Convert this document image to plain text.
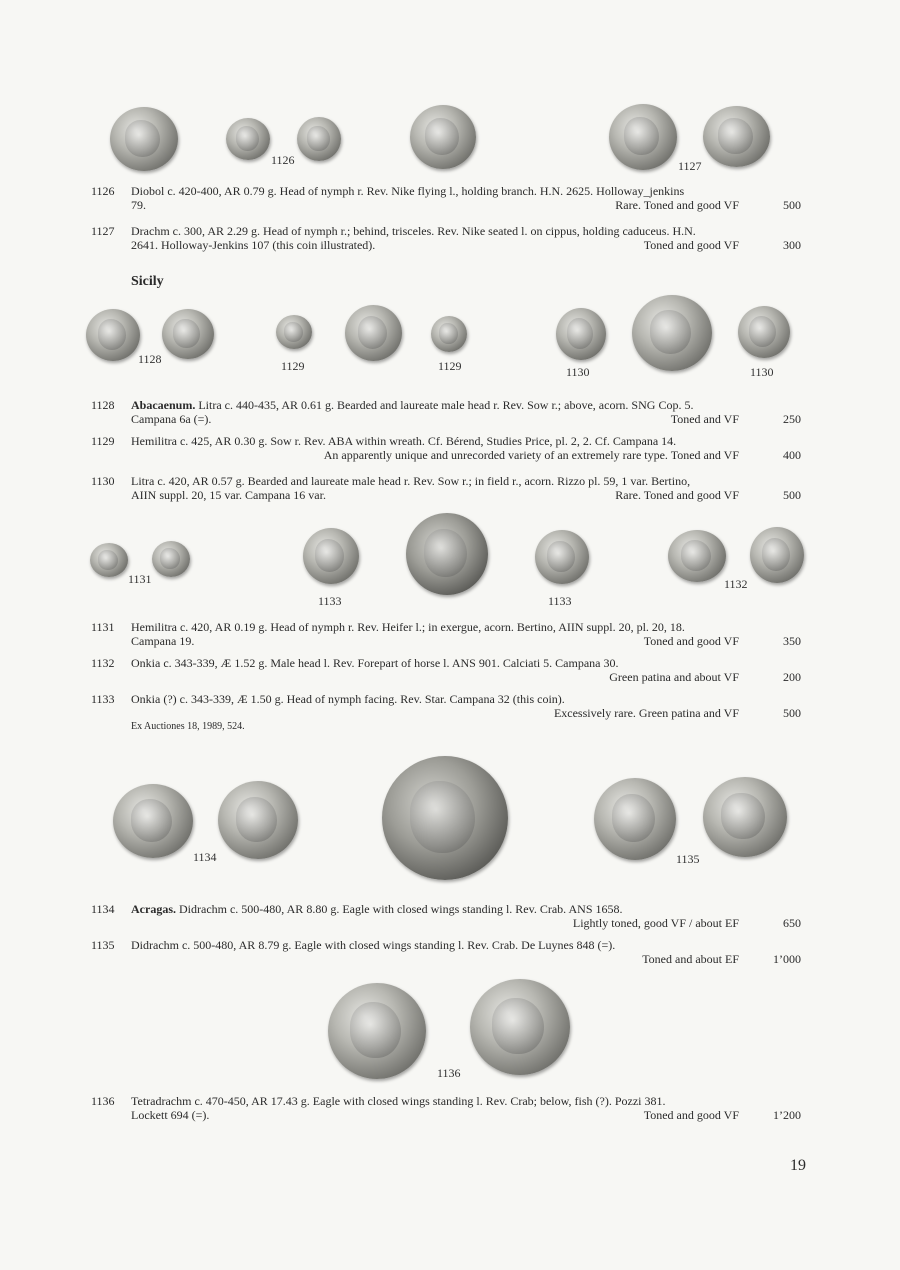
1126	1127
1126 Diobol c. 420-400, AR 0.79 g. Head of nymph r. Rev. Nike flying l., holding branch. H.N. 2625. Holloway_jenkins
79.	Rare. Toned and good VF	500
1127 Drachm c. 300, AR 2.29 g. Head of nymph r.; behind, trisceles. Rev. Nike seated l. on cippus, holding caduceus. H.N.
2641. Holloway-Jenkins 107 (this coin illustrated).	Toned and good VF	300
Sicily
1128	1129	1129	1130	1130
1128 Abacaenum. Litra c. 440-435, AR 0.61 g. Bearded and laureate male head r. Rev. Sow r.; above, acorn. SNG Cop. 5.
Campana 6a (=).	Toned and VF	250
1129 Hemilitra c. 425, AR 0.30 g. Sow r. Rev. ABA within wreath. Cf. Bérend, Studies Price, pl. 2, 2. Cf. Campana 14.
An apparently unique and unrecorded variety of an extremely rare type. Toned and VF	400
1130 Litra c. 420, AR 0.57 g. Bearded and laureate male head r. Rev. Sow r.; in field r., acorn. Rizzo pl. 59, 1 var. Bertino,
AIIN suppl. 20, 15 var. Campana 16 var.	Rare. Toned and good VF	500
1131
1133	1133
1132
1131 Hemilitra c. 420, AR 0.19 g. Head of nymph r. Rev. Heifer l.; in exergue, acorn. Bertino, AIIN suppl. 20, pl. 20, 18.
Campana 19.	Toned and good VF	350
1132 Onkia c. 343-339, Æ 1.52 g. Male head l. Rev. Forepart of horse l. ANS 901. Calciati 5. Campana 30.
Green patina and about VF	200
1133 Onkia (?) c. 343-339, Æ 1.50 g. Head of nymph facing. Rev. Star. Campana 32 (this coin).
Excessively rare. Green patina and VF	500
Ex Auctiones 18, 1989, 524.
1134	1135
1134 Acragas. Didrachm c. 500-480, AR 8.80 g. Eagle with closed wings standing l. Rev. Crab. ANS 1658.
Lightly toned, good VF / about EF	650
1135 Didrachm c. 500-480, AR 8.79 g. Eagle with closed wings standing l. Rev. Crab. De Luynes 848 (=).
Toned and about EF	1’000
1136
1136 Tetradrachm c. 470-450, AR 17.43 g. Eagle with closed wings standing l. Rev. Crab; below, fish (?). Pozzi 381.
Lockett 694 (=).	Toned and good VF	1’200
19
